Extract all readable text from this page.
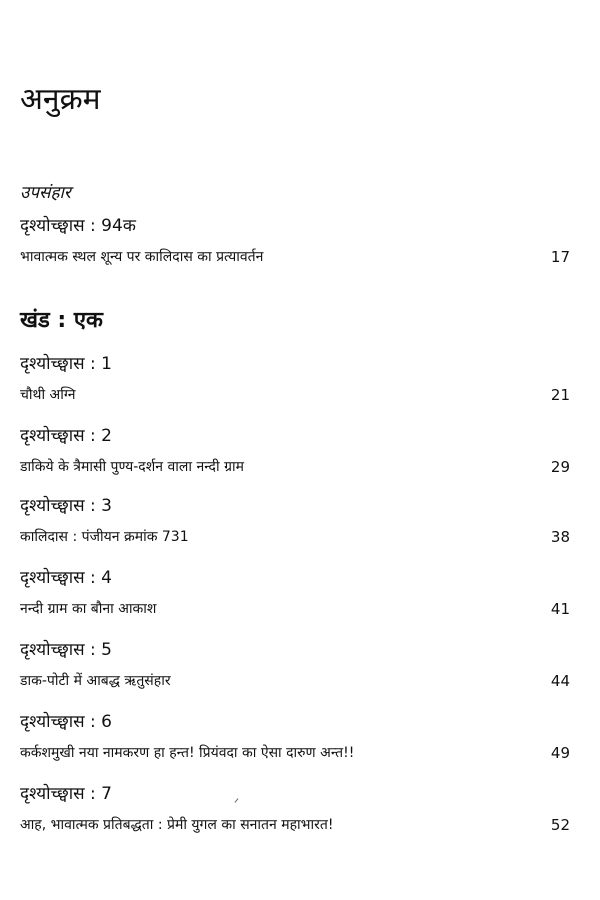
अनुक्रम
उपसंहार
दृश्योच्छ्वास : 94क
भावात्मक स्थल शून्य पर कालिदास का प्रत्यावर्तन	17
खंड : एक
दृश्योच्छ्वास : 1
चौथी अग्नि	21
दृश्योच्छ्वास : 2
डाकिये के त्रैमासी पुण्य-दर्शन वाला नन्दी ग्राम	29
दृश्योच्छ्वास : 3
कालिदास : पंजीयन क्रमांक 731	38
दृश्योच्छ्वास : 4
नन्दी ग्राम का बौना आकाश	41
दृश्योच्छ्वास : 5
डाक-पोटी में आबद्ध ऋतुसंहार	44
दृश्योच्छ्वास : 6
कर्कशमुखी नया नामकरण हा हन्त! प्रियंवदा का ऐसा दारुण अन्त!!	49
दृश्योच्छ्वास : 7
आह, भावात्मक प्रतिबद्धता : प्रेमी युगल का सनातन महाभारत!	52
